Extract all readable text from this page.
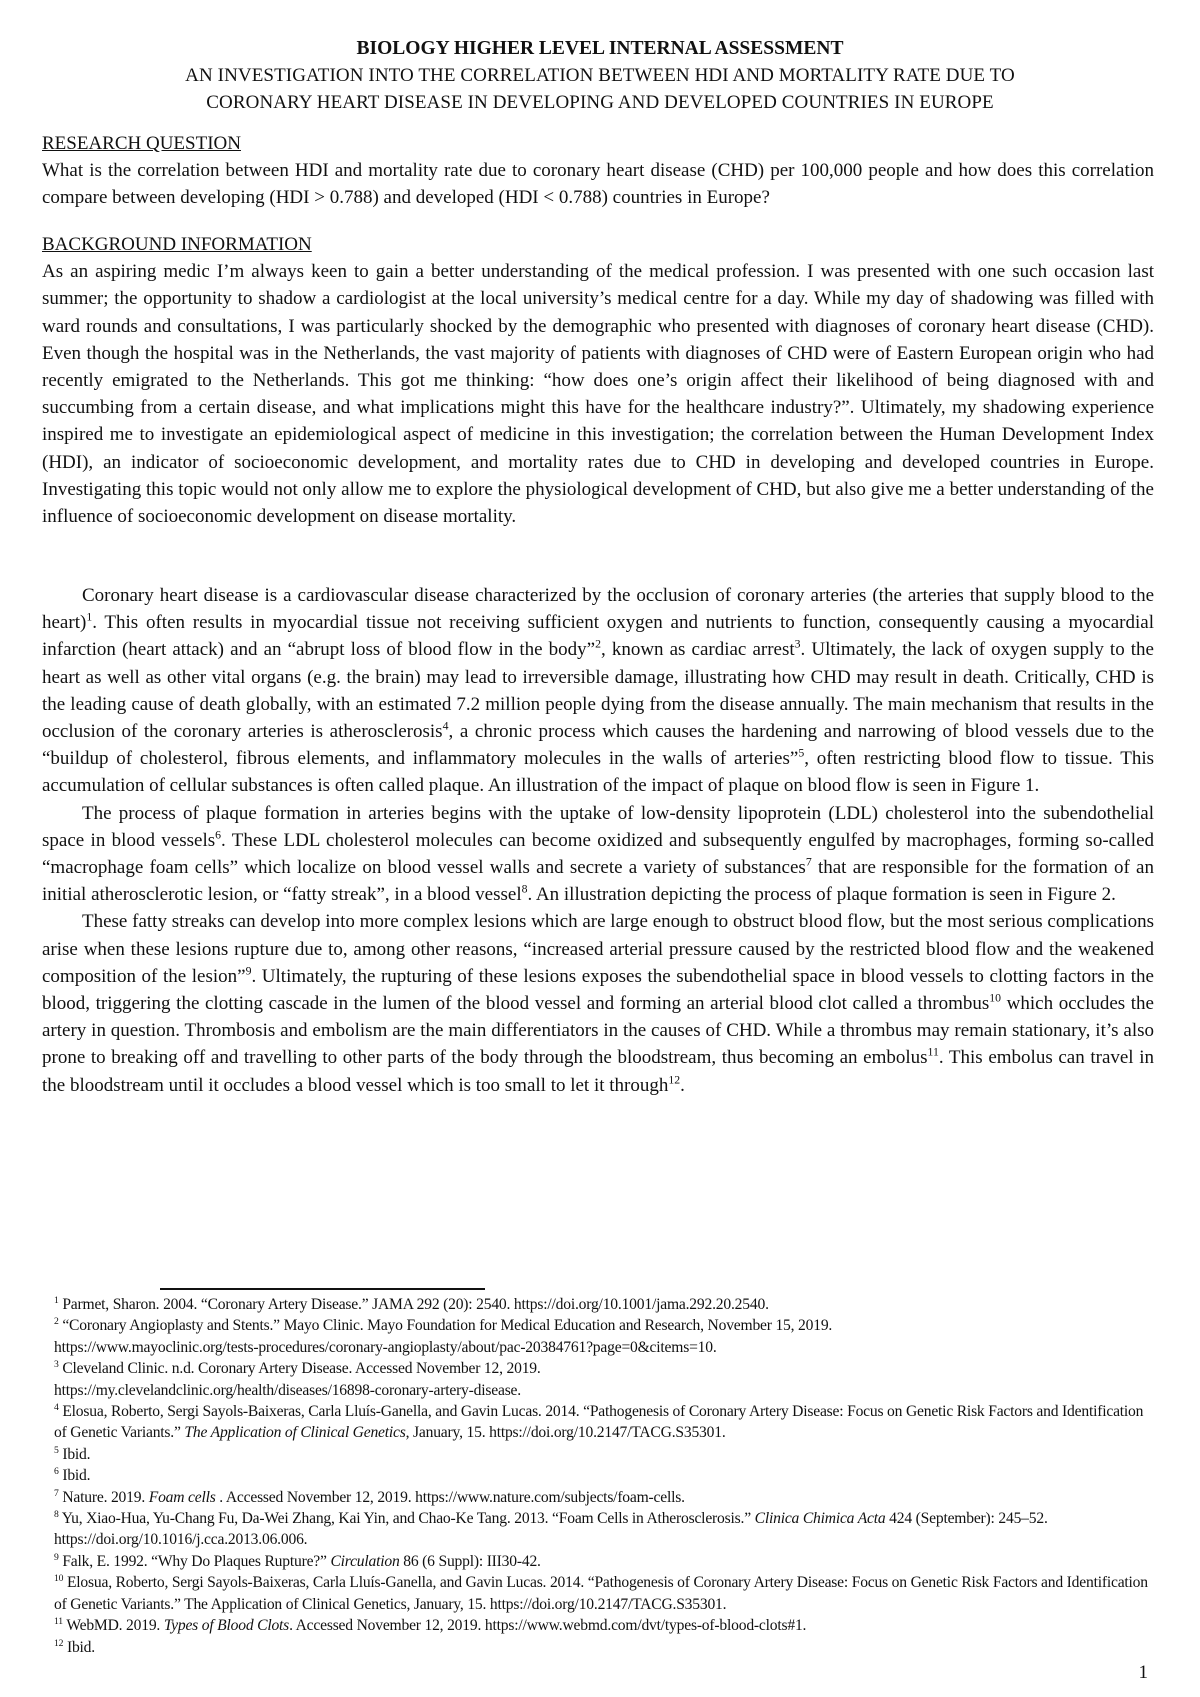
BIOLOGY HIGHER LEVEL INTERNAL ASSESSMENT
AN INVESTIGATION INTO THE CORRELATION BETWEEN HDI AND MORTALITY RATE DUE TO
CORONARY HEART DISEASE IN DEVELOPING AND DEVELOPED COUNTRIES IN EUROPE
RESEARCH QUESTION

What is the correlation between HDI and mortality rate due to coronary heart disease (CHD) per 100,000 people and how does this correlation compare between developing (HDI > 0.788) and developed (HDI < 0.788) countries in Europe?

BACKGROUND INFORMATION

As an aspiring medic I’m always keen to gain a better understanding of the medical profession. I was presented with one such occasion last summer; the opportunity to shadow a cardiologist at the local university’s medical centre for a day. While my day of shadowing was filled with ward rounds and consultations, I was particularly shocked by the demographic who presented with diagnoses of coronary heart disease (CHD). Even though the hospital was in the Netherlands, the vast majority of patients with diagnoses of CHD were of Eastern European origin who had recently emigrated to the Netherlands. This got me thinking: “how does one’s origin affect their likelihood of being diagnosed with and succumbing from a certain disease, and what implications might this have for the healthcare industry?”. Ultimately, my shadowing experience inspired me to investigate an epidemiological aspect of medicine in this investigation; the correlation between the Human Development Index (HDI), an indicator of socioeconomic development, and mortality rates due to CHD in developing and developed countries in Europe. Investigating this topic would not only allow me to explore the physiological development of CHD, but also give me a better understanding of the influence of socioeconomic development on disease mortality.

Coronary heart disease is a cardiovascular disease characterized by the occlusion of coronary arteries (the arteries that supply blood to the heart)$^1$. This often results in myocardial tissue not receiving sufficient oxygen and nutrients to function, consequently causing a myocardial infarction (heart attack) and an “abrupt loss of blood flow in the body”$^2$, known as cardiac arrest$^3$. Ultimately, the lack of oxygen supply to the heart as well as other vital organs (e.g. the brain) may lead to irreversible damage, illustrating how CHD may result in death. Critically, CHD is the leading cause of death globally, with an estimated 7.2 million people dying from the disease annually. The main mechanism that results in the occlusion of the coronary arteries is atherosclerosis$^4$, a chronic process which causes the hardening and narrowing of blood vessels due to the “buildup of cholesterol, fibrous elements, and inflammatory molecules in the walls of arteries”$^5$, often restricting blood flow to tissue. This accumulation of cellular substances is often called plaque. An illustration of the impact of plaque on blood flow is seen in Figure 1.

The process of plaque formation in arteries begins with the uptake of low-density lipoprotein (LDL) cholesterol into the subendothelial space in blood vessels$^6$. These LDL cholesterol molecules can become oxidized and subsequently engulfed by macrophages, forming so-called “macrophage foam cells” which localize on blood vessel walls and secrete a variety of substances$^7$ that are responsible for the formation of an initial atherosclerotic lesion, or “fatty streak”, in a blood vessel$^8$. An illustration depicting the process of plaque formation is seen in Figure 2.

These fatty streaks can develop into more complex lesions which are large enough to obstruct blood flow, but the most serious complications arise when these lesions rupture due to, among other reasons, “increased arterial pressure caused by the restricted blood flow and the weakened composition of the lesion”$^9$. Ultimately, the rupturing of these lesions exposes the subendothelial space in blood vessels to clotting factors in the blood, triggering the clotting cascade in the lumen of the blood vessel and forming an arterial blood clot called a thrombus$^{10}$ which occludes the artery in question. Thrombosis and embolism are the main differentiators in the causes of CHD. While a thrombus may remain stationary, it’s also prone to breaking off and travelling to other parts of the body through the bloodstream, thus becoming an embolus$^{11}$. This embolus can travel in the bloodstream until it occludes a blood vessel which is too small to let it through$^{12}$.

$^1$ Parmet, Sharon. 2004. “Coronary Artery Disease.” JAMA 292 (20): 2540. https://doi.org/10.1001/jama.292.20.2540.

$^2$ “Coronary Angioplasty and Stents.” Mayo Clinic. Mayo Foundation for Medical Education and Research, November 15, 2019.
https://www.mayoclinic.org/tests-procedures/coronary-angioplasty/about/pac-20384761?page=0&citems=10.

$^3$ Cleveland Clinic. n.d. Coronary Artery Disease. Accessed November 12, 2019.
https://my.clevelandclinic.org/health/diseases/16898-coronary-artery-disease.

$^4$ Elosua, Roberto, Sergi Sayols-Baixeras, Carla Lluís-Ganella, and Gavin Lucas. 2014. “Pathogenesis of Coronary Artery Disease: Focus on Genetic Risk Factors and Identification of Genetic Variants.” The Application of Clinical Genetics, January, 15. https://doi.org/10.2147/TACG.S35301.

$^5$ Ibid.

$^6$ Ibid.

$^7$ Nature. 2019. Foam cells . Accessed November 12, 2019. https://www.nature.com/subjects/foam-cells.

$^8$ Yu, Xiao-Hua, Yu-Chang Fu, Da-Wei Zhang, Kai Yin, and Chao-Ke Tang. 2013. “Foam Cells in Atherosclerosis.” Clinica Chimica Acta 424 (September): 245–52. https://doi.org/10.1016/j.cca.2013.06.006.

$^9$ Falk, E. 1992. “Why Do Plaques Rupture?” Circulation 86 (6 Suppl): III30-42.

$^{10}$ Elosua, Roberto, Sergi Sayols-Baixeras, Carla Lluís-Ganella, and Gavin Lucas. 2014. “Pathogenesis of Coronary Artery Disease: Focus on Genetic Risk Factors and Identification of Genetic Variants.” The Application of Clinical Genetics, January, 15. https://doi.org/10.2147/TACG.S35301.

$^{11}$ WebMD. 2019. Types of Blood Clots. Accessed November 12, 2019. https://www.webmd.com/dvt/types-of-blood-clots#1.

$^{12}$ Ibid.

1
